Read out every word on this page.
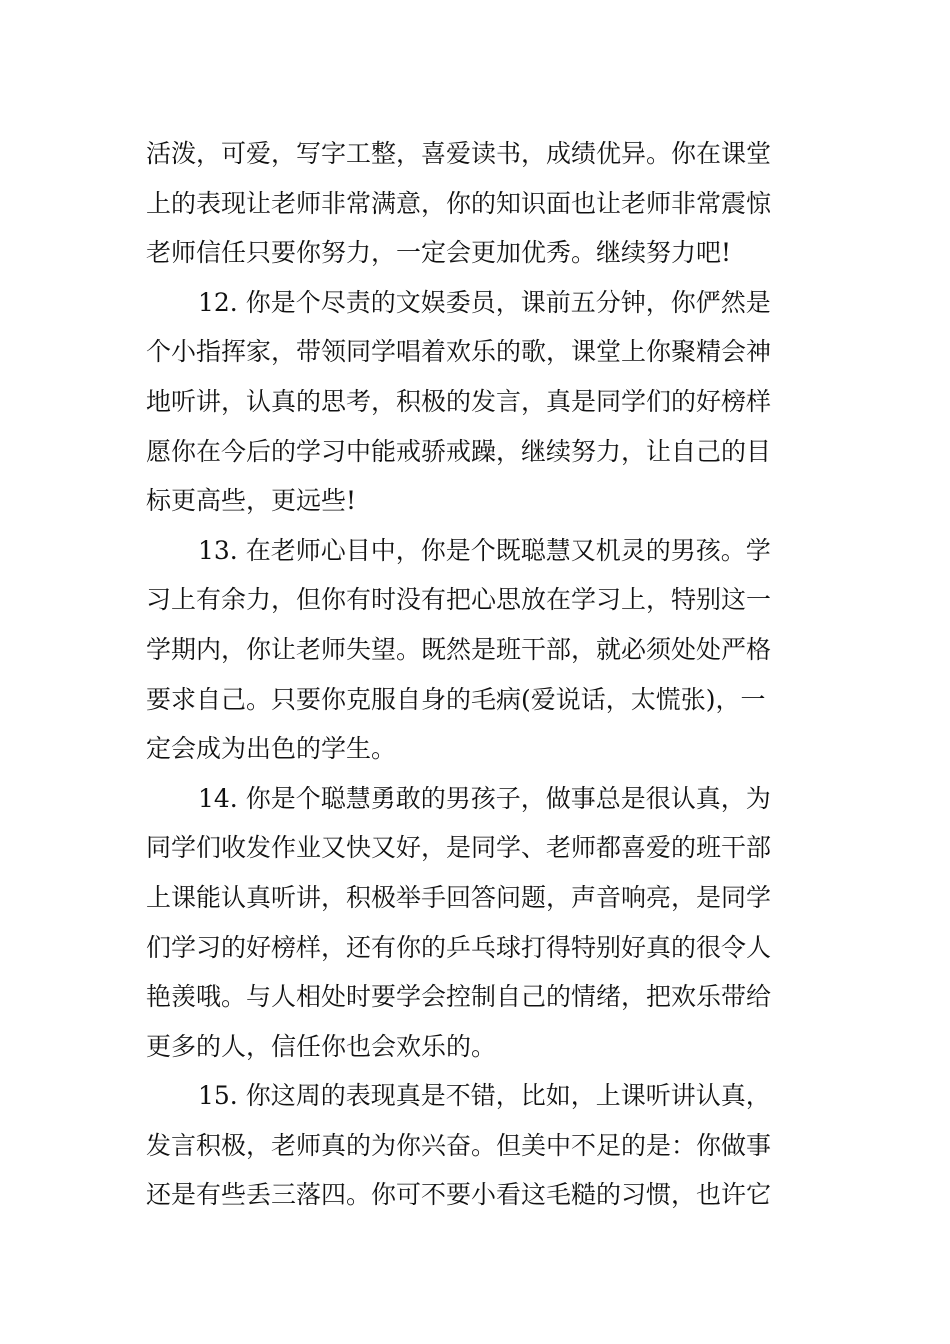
活泼，可爱，写字工整，喜爱读书，成绩优异。你在课堂
上的表现让老师非常满意，你的知识面也让老师非常震惊
老师信任只要你努力，一定会更加优秀。继续努力吧!
12. 你是个尽责的文娱委员，课前五分钟，你俨然是
个小指挥家，带领同学唱着欢乐的歌，课堂上你聚精会神
地听讲，认真的思考，积极的发言，真是同学们的好榜样
愿你在今后的学习中能戒骄戒躁，继续努力，让自己的目
标更高些，更远些!
13. 在老师心目中，你是个既聪慧又机灵的男孩。学
习上有余力，但你有时没有把心思放在学习上，特别这一
学期内，你让老师失望。既然是班干部，就必须处处严格
要求自己。只要你克服自身的毛病(爱说话，太慌张)，一
定会成为出色的学生。
14. 你是个聪慧勇敢的男孩子，做事总是很认真，为
同学们收发作业又快又好，是同学、老师都喜爱的班干部
上课能认真听讲，积极举手回答问题，声音响亮，是同学
们学习的好榜样，还有你的乒乓球打得特别好真的很令人
艳羡哦。与人相处时要学会控制自己的情绪，把欢乐带给
更多的人，信任你也会欢乐的。
15. 你这周的表现真是不错，比如，上课听讲认真，
发言积极，老师真的为你兴奋。但美中不足的是：你做事
还是有些丢三落四。你可不要小看这毛糙的习惯，也许它
